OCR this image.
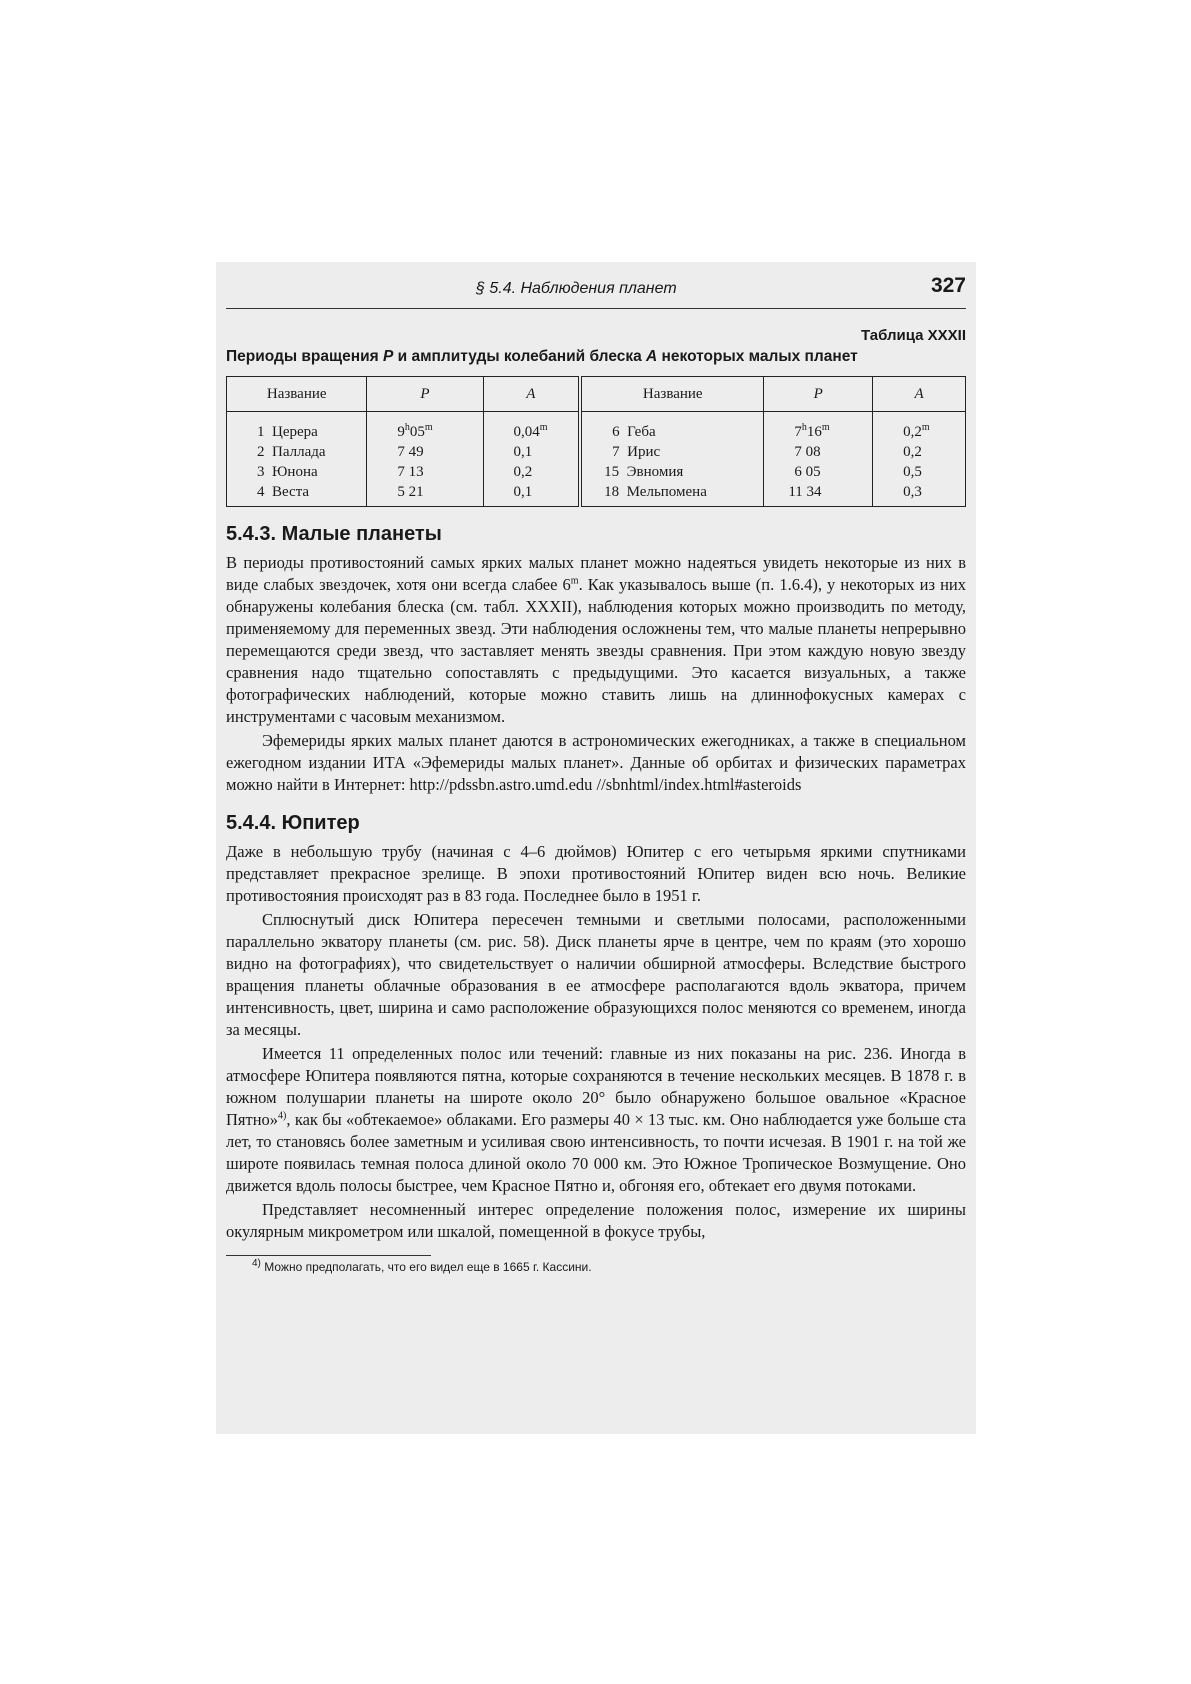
§ 5.4. Наблюдения планет	327
Таблица XXXII
Периоды вращения P и амплитуды колебаний блеска A некоторых малых планет
Название	P	A	Название	P	A
1 Церера	9$^h$05$^m$	0,04$^m$	6 Геба	7$^h$16$^m$	0,2$^m$
2 Паллада	7 49	0,1	7 Ирис	7 08	0,2
3 Юнона	7 13	0,2	15 Эвномия	6 05	0,5
4 Веста	5 21	0,1	18 Мельпомена	11 34	0,3
5.4.3. Малые планеты

В периоды противостояний самых ярких малых планет можно надеяться увидеть некоторые из них в виде слабых звездочек, хотя они всегда слабее 6$^m$. Как указывалось выше (п. 1.6.4), у некоторых из них обнаружены колебания блеска (см. табл. XXXII), наблюдения которых можно производить по методу, применяемому для переменных звезд. Эти наблюдения осложнены тем, что малые планеты непрерывно перемещаются среди звезд, что заставляет менять звезды сравнения. При этом каждую новую звезду сравнения надо тщательно сопоставлять с предыдущими. Это касается визуальных, а также фотографических наблюдений, которые можно ставить лишь на длиннофокусных камерах с инструментами с часовым механизмом.

Эфемериды ярких малых планет даются в астрономических ежегодниках, а также в специальном ежегодном издании ИТА «Эфемериды малых планет». Данные об орбитах и физических параметрах можно найти в Интернет: http://pdssbn.astro.umd.edu //sbnhtml/index.html#asteroids

5.4.4. Юпитер

Даже в небольшую трубу (начиная с 4–6 дюймов) Юпитер с его четырьмя яркими спутниками представляет прекрасное зрелище. В эпохи противостояний Юпитер виден всю ночь. Великие противостояния происходят раз в 83 года. Последнее было в 1951 г.

Сплюснутый диск Юпитера пересечен темными и светлыми полосами, расположенными параллельно экватору планеты (см. рис. 58). Диск планеты ярче в центре, чем по краям (это хорошо видно на фотографиях), что свидетельствует о наличии обширной атмосферы. Вследствие быстрого вращения планеты облачные образования в ее атмосфере располагаются вдоль экватора, причем интенсивность, цвет, ширина и само расположение образующихся полос меняются со временем, иногда за месяцы.

Имеется 11 определенных полос или течений: главные из них показаны на рис. 236. Иногда в атмосфере Юпитера появляются пятна, которые сохраняются в течение нескольких месяцев. В 1878 г. в южном полушарии планеты на широте около 20° было обнаружено большое овальное «Красное Пятно»$^{4)}$, как бы «обтекаемое» облаками. Его размеры 40 × 13 тыс. км. Оно наблюдается уже больше ста лет, то становясь более заметным и усиливая свою интенсивность, то почти исчезая. В 1901 г. на той же широте появилась темная полоса длиной около 70 000 км. Это Южное Тропическое Возмущение. Оно движется вдоль полосы быстрее, чем Красное Пятно и, обгоняя его, обтекает его двумя потоками.

Представляет несомненный интерес определение положения полос, измерение их ширины окулярным микрометром или шкалой, помещенной в фокусе трубы,

$^{4)}$ Можно предполагать, что его видел еще в 1665 г. Кассини.
